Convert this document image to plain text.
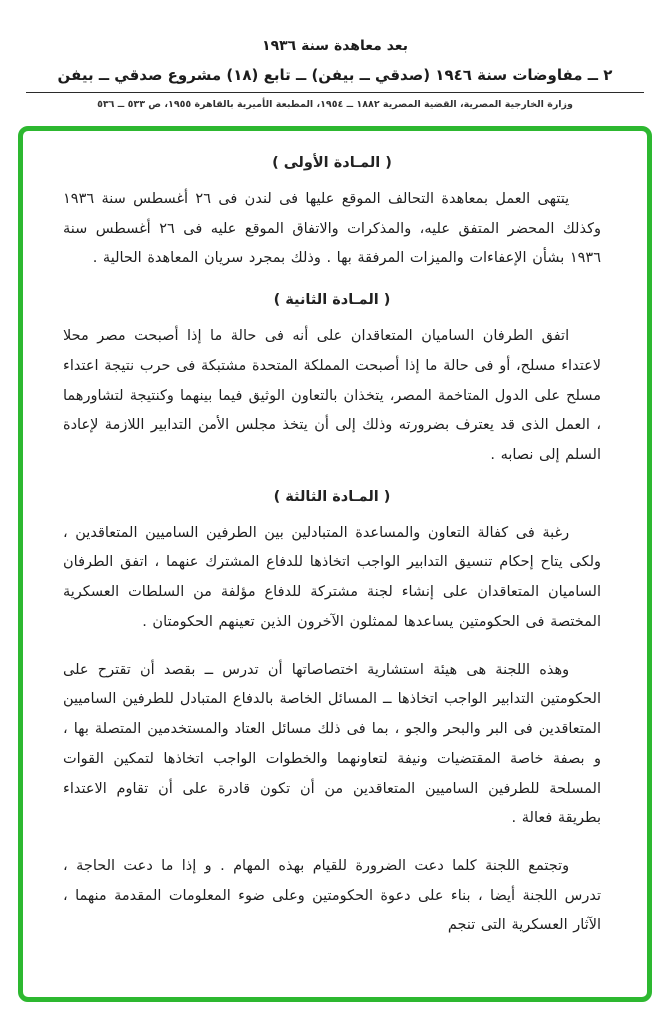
بعد معاهدة سنة ١٩٣٦
٢ ــ مفاوضات سنة ١٩٤٦ (صدقي ــ بيفن) ــ تابع (١٨) مشروع صدقي ــ بيفن
وزارة الخارجية المصرية، القضية المصرية ١٨٨٢ ــ ١٩٥٤، المطبعة الأميرية بالقاهرة ١٩٥٥، ص ٥٣٣ ــ ٥٣٦
( المـادة الأولى )

يتتهى العمل بمعاهدة التحالف الموقع عليها فى لندن فى ٢٦ أغسطس سنة ١٩٣٦ وكذلك المحضر المتفق عليه، والمذكرات والاتفاق الموقع عليه فى ٢٦ أغسطس سنة ١٩٣٦ بشأن الإعفاءات والميزات المرفقة بها . وذلك بمجرد سريان المعاهدة الحالية .

( المـادة الثانية )

اتفق الطرفان الساميان المتعاقدان على أنه فى حالة ما إذا أصبحت مصر محلا لاعتداء مسلح، أو فى حالة ما إذا أصبحت المملكة المتحدة مشتبكة فى حرب نتيجة اعتداء مسلح على الدول المتاخمة المصر، يتخذان بالتعاون الوثيق فيما بينهما وكنتيجة لتشاورهما ، العمل الذى قد يعترف بضرورته وذلك إلى أن يتخذ مجلس الأمن التدابير اللازمة لإعادة السلم إلى نصابه .

( المـادة الثالثة )

رغبة فى كفالة التعاون والمساعدة المتبادلين بين الطرفين الساميين المتعاقدين ، ولكى يتاح إحكام تنسيق التدابير الواجب اتخاذها للدفاع المشترك عنهما ، اتفق الطرفان الساميان المتعاقدان على إنشاء لجنة مشتركة للدفاع مؤلفة من السلطات العسكرية المختصة فى الحكومتين يساعدها لممثلون الآخرون الذين تعينهم الحكومتان .

وهذه اللجنة هى هيئة استشارية اختصاصاتها أن تدرس ــ بقصد أن تقترح على الحكومتين التدابير الواجب اتخاذها ــ المسائل الخاصة بالدفاع المتبادل للطرفين الساميين المتعاقدين فى البر والبحر والجو ، بما فى ذلك مسائل العتاد والمستخدمين المتصلة بها ، و بصفة خاصة المقتضيات ونيفة لتعاونهما والخطوات الواجب اتخاذها لتمكين القوات المسلحة للطرفين الساميين المتعاقدين من أن تكون قادرة على أن تقاوم الاعتداء بطريقة فعالة .

وتجتمع اللجنة كلما دعت الضرورة للقيام بهذه المهام . و إذا ما دعت الحاجة ، تدرس اللجنة أيضا ، بناء على دعوة الحكومتين وعلى ضوء المعلومات المقدمة منهما ، الآثار العسكرية التى تنجم
